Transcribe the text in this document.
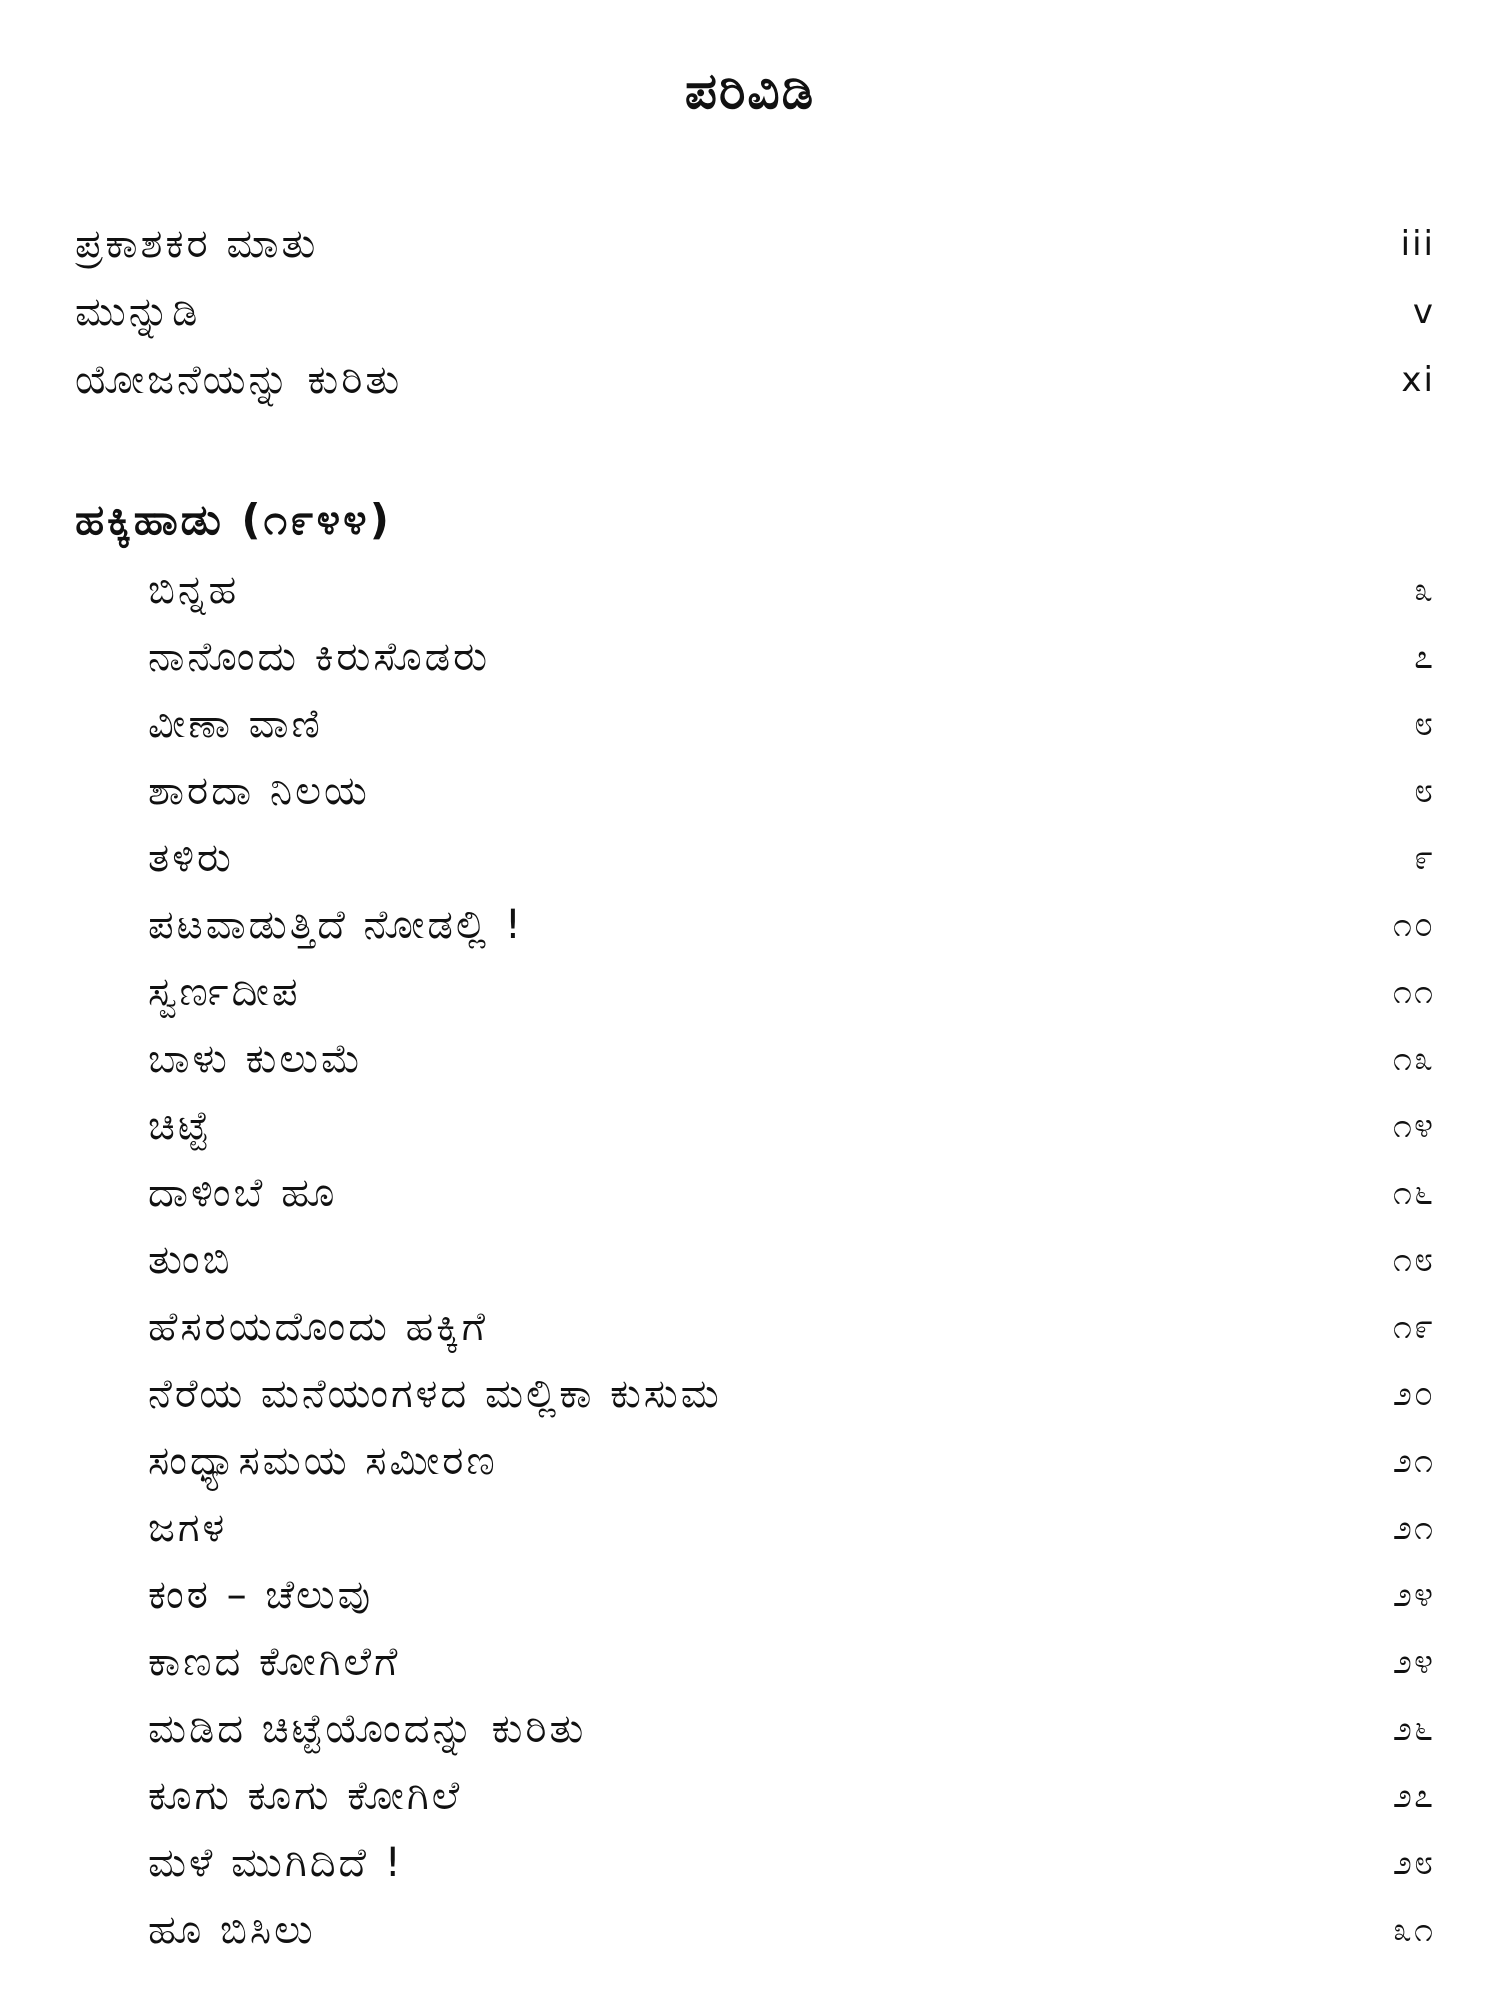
ಪರಿವಿಡಿ
ಪ್ರಕಾಶಕರ ಮಾತು	iii
ಮುನ್ನುಡಿ	v
ಯೋಜನೆಯನ್ನು ಕುರಿತು	xi
ಹಕ್ಕಿಹಾಡು (೧೯೪೪)
ಬಿನ್ನಹ	೩
ನಾನೊಂದು ಕಿರುಸೊಡರು	೭
ವೀಣಾ ವಾಣಿ	೮
ಶಾರದಾ ನಿಲಯ	೮
ತಳಿರು	೯
ಪಟವಾಡುತ್ತಿದೆ ನೋಡಲ್ಲಿ !	೧೦
ಸ್ವರ್ಣದೀಪ	೧೧
ಬಾಳು ಕುಲುಮೆ	೧೩
ಚಿಟ್ಟೆ	೧೪
ದಾಳಿಂಬೆ ಹೂ	೧೬
ತುಂಬಿ	೧೮
ಹೆಸರಯದೊಂದು ಹಕ್ಕಿಗೆ	೧೯
ನೆರೆಯ ಮನೆಯಂಗಳದ ಮಲ್ಲಿಕಾ ಕುಸುಮ	೨೦
ಸಂಧ್ಯಾಸಮಯ ಸಮೀರಣ	೨೧
ಜಗಳ	೨೧
ಕಂಠ – ಚೆಲುವು	೨೪
ಕಾಣದ ಕೋಗಿಲೆಗೆ	೨೪
ಮಡಿದ ಚಿಟ್ಟೆಯೊಂದನ್ನು ಕುರಿತು	೨೬
ಕೂಗು ಕೂಗು ಕೋಗಿಲೆ	೨೭
ಮಳೆ ಮುಗಿದಿದೆ !	೨೮
ಹೂ ಬಿಸಿಲು	೩೧
